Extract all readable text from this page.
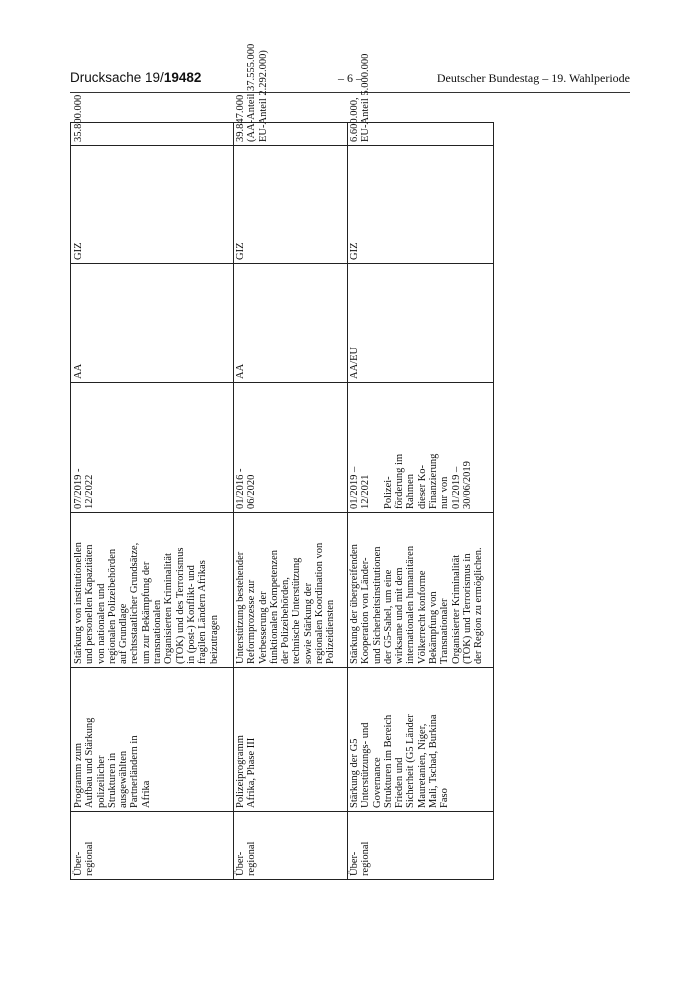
Drucksache 19/19482	– 6 –	Deutscher Bundestag – 19. Wahlperiode
Über- regional
Programm zum Aufbau und Stärkung polizeilicher Strukturen in ausgewählten Partnerländern in Afrika
Stärkung von institutionellen und personellen Kapazitäten von nationalen und regionalen Polizeibehörden auf Grundlage rechtsstaatlicher Grundsätze, um zur Bekämpfung der transnationalen Organisierten Kriminalität (TOK) und des Terrorismus in (post-) Konflikt- und fragilen Ländern Afrikas beizutragen
07/2019 - 12/2022
AA
GIZ
35.800.000
Über- regional
Polizeiprogramm Afrika, Phase III
Unterstützung bestehender Reformprozesse zur Verbesserung der funktionalen Kompetenzen der Polizeibehörden, technische Unterstützung sowie Stärkung der regionalen Koordination von Polizeidiensten
01/2016 - 06/2020
AA
GIZ
39.847.000 (AA-Anteil 37.555.000 EU-Anteil 2.292.000)
Über- regional
Stärkung der G5 Unterstützungs- und Governance Strukturen im Bereich Frieden und Sicherheit (G5 Länder Mauretanien, Niger, Mali, Tschad, Burkina Faso
Stärkung der übergreifenden Kooperation von Länder- und Sicherheitsinstitutionen der G5-Sahel, um eine wirksame und mit dem internationalen humanitären Völkerrecht konforme Bekämpfung von Transnationaler Organisierter Kriminalität (TOK) und Terrorismus in der Region zu ermöglichen.
01/2019 – 12/2021
Polizei- förderung im Rahmen dieser Ko- Finanzierung nur von 01/2019 – 30/06/2019
AA/EU
GIZ
6.600.000, EU-Anteil 5.000.000
